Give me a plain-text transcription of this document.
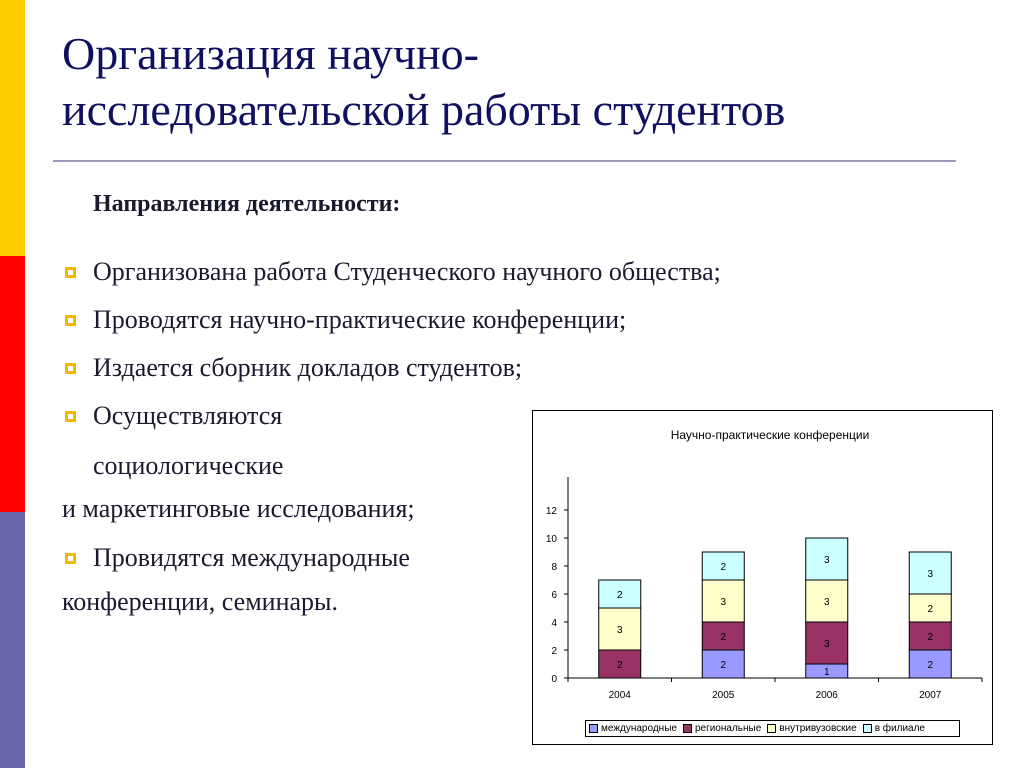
Организация научно-
исследовательской работы студентов
Направления деятельности:
Организована работа Студенческого научного общества;
Проводятся научно-практические конференции;
Издается сборник докладов студентов;
Осуществляются
социологические
и маркетинговые исследования;
Провидятся международные
конференции, семинары.
Научно-практические конференции
0
2
4
6
8
10
12
2004	2005	2006	2007
2
3
2
2
2
3
2
1
3
3
3
2
2
2
3
международные региональные внутривузовские в филиале
